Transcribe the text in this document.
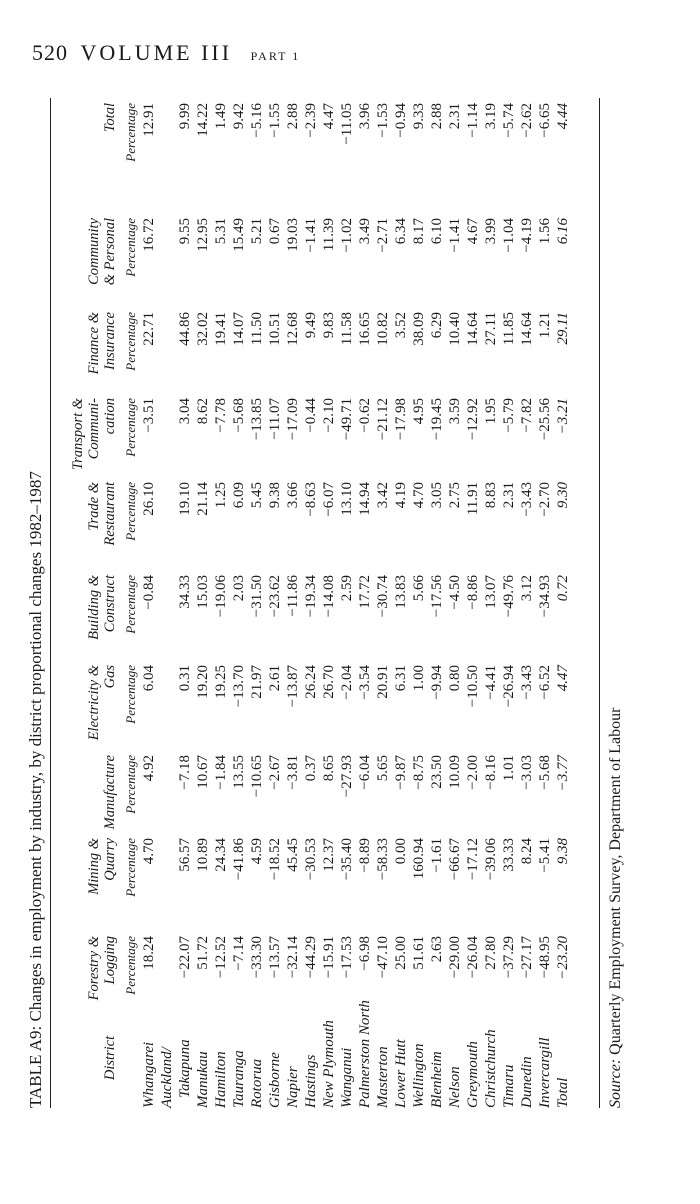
520 VOLUME III PART 1
TABLE A9: Changes in employment by industry, by district proportional changes 1982–1987	Source:Quarterly Employment Survey, Department of Labour
District
Whangarei Auckland/ Takapuna Manukau Hamilton Tauranga Rotorua Gisborne Napier Hastings New Plymouth Wanganui Palmerston North Masterton Lower Hutt Wellington Blenheim Nelson Greymouth Christchurch Timaru Dunedin Invercargill Total
Forestry & Logging Percentage 18.24
−22.07 51.72 −12.52 −7.14 −33.30 −13.57 −32.14 −44.29 −15.91 −17.53 −6.98 −47.10 25.00 51.61 2.63 −29.00 −26.04 27.80 −37.29 −27.17 −48.95 −23.20
Mining & Quarry Percentage 4.70
56.57 10.89 24.34 −41.86 4.59 −18.52 45.45 −30.53 12.37 −35.40 −8.89 −58.33 0.00 160.94 −1.61 −66.67 −17.12 −39.06 33.33 8.24 −5.41 9.38
Manufacture Percentage 4.92
−7.18 10.67 −1.84 13.55 −10.65 −2.67 −3.81 0.37 8.65 −27.93 −6.04 5.65 −9.87 −8.75 23.50 10.09 −2.00 −8.16 1.01 −3.03 −5.68 −3.77
Electricity & Gas Percentage 6.04
0.31 19.20 19.25 −13.70 21.97 2.61 −13.87 26.24 26.70 −2.04 −3.54 20.91 6.31 1.00 −9.94 0.80 −10.50 −4.41 −26.94 −3.43 −6.52 4.47
Building & Construct Percentage −0.84
34.33 15.03 −19.06 2.03 −31.50 −23.62 −11.86 −19.34 −14.08 2.59 17.72 −30.74 13.83 5.66 −17.56 −4.50 −8.86 13.07 −49.76 3.12 −34.93 0.72
Trade & Restaurant Percentage 26.10
19.10 21.14 1.25 6.09 5.45 9.38 3.66 −8.63 −6.07 13.10 14.94 3.42 4.19 4.70 3.05 2.75 11.91 8.83 2.31 −3.43 −2.70 9.30
Transport & Communi- cation Percentage −3.51
3.04 8.62 −7.78 −5.68 −13.85 −11.07 −17.09 −0.44 −2.10 −49.71 −0.62 −21.12 −17.98 4.95 −19.45 3.59 −12.92 1.95 −5.79 −7.82 −25.56 −3.21
Finance & Insurance Percentage 22.71
44.86 32.02 19.41 14.07 11.50 10.51 12.68 9.49 9.83 11.58 16.65 10.82 3.52 38.09 6.29 10.40 14.64 27.11 11.85 14.64 1.21 29.11
Community & Personal Percentage 16.72
9.55 12.95 5.31 15.49 5.21 0.67 19.03 −1.41 11.39 −1.02 3.49 −2.71 6.34 8.17 6.10 −1.41 4.67 3.99 −1.04 −4.19 1.56 6.16
Total Percentage 12.91
9.99 14.22 1.49 9.42 −5.16 −1.55 2.88 −2.39 4.47 −11.05 3.96 −1.53 −0.94 9.33 2.88 2.31 −1.14 3.19 −5.74 −2.62 −6.65 4.44
